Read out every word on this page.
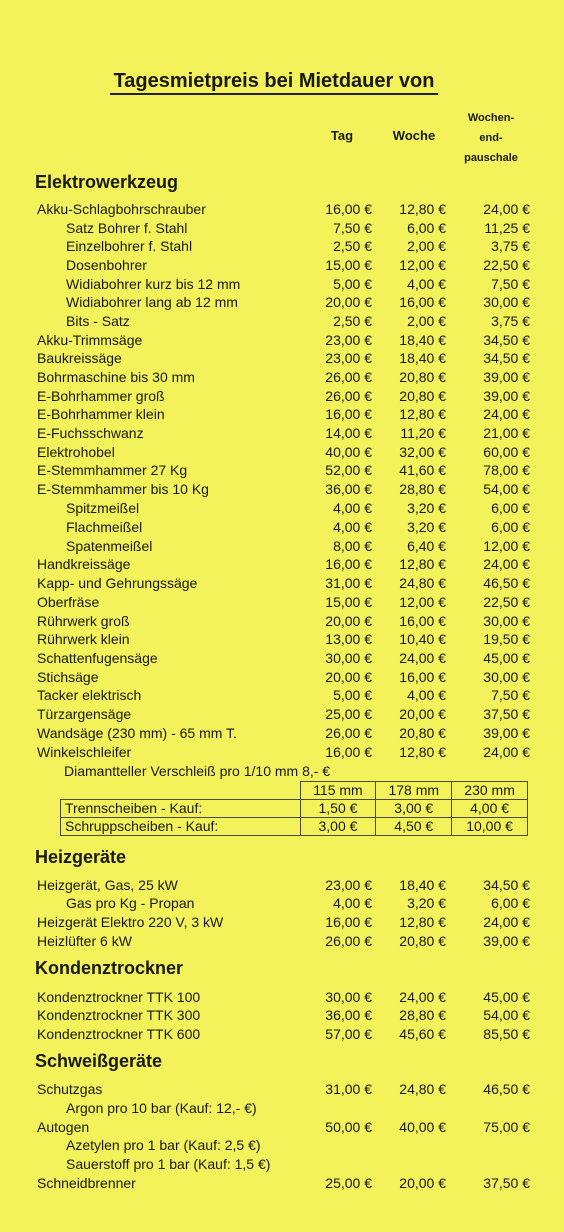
Tagesmietpreis bei Mietdauer von
Tag	Woche
Wochen-
end-
pauschale
Elektrowerkzeug
Akku-Schlagbohrschrauber	16,00 € 12,80 €	24,00 €
Satz Bohrer f. Stahl	7,50 €	6,00 €	11,25 €
Einzelbohrer f. Stahl	2,50 €	2,00 €	3,75 €
Dosenbohrer	15,00 € 12,00 €	22,50 €
Widiabohrer kurz bis 12 mm	5,00 €	4,00 €	7,50 €
Widiabohrer lang ab 12 mm	20,00 € 16,00 €	30,00 €
Bits - Satz	2,50 €	2,00 €	3,75 €
Akku-Trimmsäge	23,00 € 18,40 €	34,50 €
Baukreissäge	23,00 € 18,40 €	34,50 €
Bohrmaschine bis 30 mm	26,00 € 20,80 €	39,00 €
E-Bohrhammer groß	26,00 € 20,80 €	39,00 €
E-Bohrhammer klein	16,00 € 12,80 €	24,00 €
E-Fuchsschwanz	14,00 € 11,20 €	21,00 €
Elektrohobel	40,00 € 32,00 €	60,00 €
E-Stemmhammer 27 Kg	52,00 € 41,60 €	78,00 €
E-Stemmhammer bis 10 Kg	36,00 € 28,80 €	54,00 €
Spitzmeißel	4,00 €	3,20 €	6,00 €
Flachmeißel	4,00 €	3,20 €	6,00 €
Spatenmeißel	8,00 €	6,40 €	12,00 €
Handkreissäge	16,00 € 12,80 €	24,00 €
Kapp- und Gehrungssäge	31,00 € 24,80 €	46,50 €
Oberfräse	15,00 € 12,00 €	22,50 €
Rührwerk groß	20,00 € 16,00 €	30,00 €
Rührwerk klein	13,00 € 10,40 €	19,50 €
Schattenfugensäge	30,00 € 24,00 €	45,00 €
Stichsäge	20,00 € 16,00 €	30,00 €
Tacker elektrisch	5,00 €	4,00 €	7,50 €
Türzargensäge	25,00 € 20,00 €	37,50 €
Wandsäge (230 mm) - 65 mm T.	26,00 € 20,80 €	39,00 €
Winkelschleifer	16,00 € 12,80 €	24,00 €
Diamantteller Verschleiß pro 1/10 mm 8,- €
	115 mm	178 mm	230 mm
Trennscheiben - Kauf:	1,50 €	3,00 €	4,00 €
Schruppscheiben - Kauf:	3,00 €	4,50 €	10,00 €
Heizgeräte
Heizgerät, Gas, 25 kW	23,00 € 18,40 €	34,50 €
Gas pro Kg - Propan	4,00 €	3,20 €	6,00 €
Heizgerät Elektro 220 V, 3 kW	16,00 € 12,80 €	24,00 €
Heizlüfter 6 kW	26,00 € 20,80 €	39,00 €
Kondenztrockner
Kondenztrockner TTK 100	30,00 € 24,00 €	45,00 €
Kondenztrockner TTK 300	36,00 € 28,80 €	54,00 €
Kondenztrockner TTK 600	57,00 € 45,60 €	85,50 €
Schweißgeräte
Schutzgas	31,00 € 24,80 €	46,50 €
Argon pro 10 bar (Kauf: 12,- €)
Autogen	50,00 € 40,00 €	75,00 €
Azetylen pro 1 bar (Kauf: 2,5 €)
Sauerstoff pro 1 bar (Kauf: 1,5 €)
Schneidbrenner	25,00 € 20,00 €	37,50 €
